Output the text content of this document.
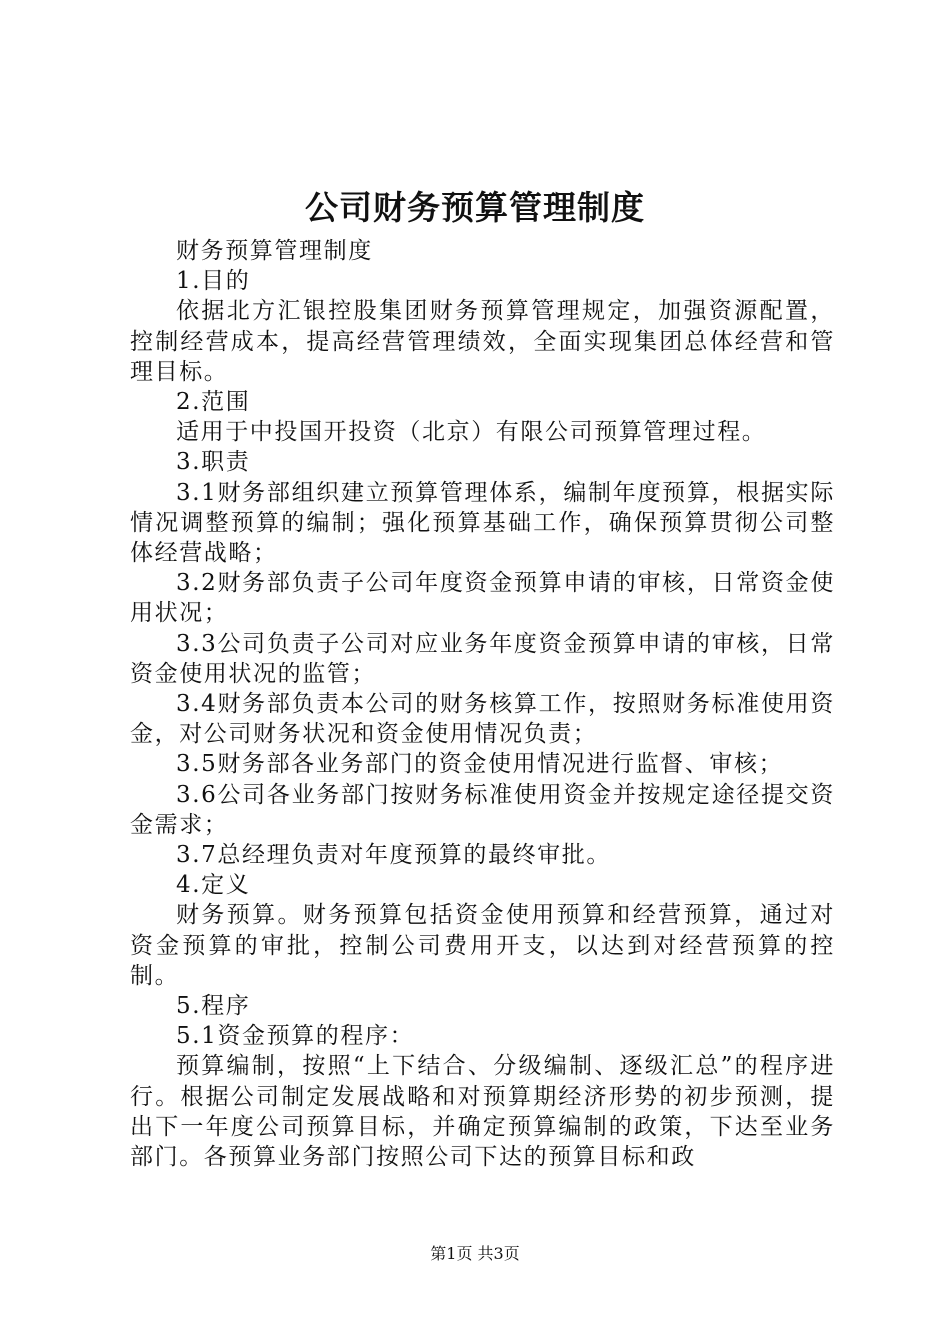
公司财务预算管理制度

财务预算管理制度

1.目的

依据北方汇银控股集团财务预算管理规定，加强资源配置，控制经营成本，提高经营管理绩效，全面实现集团总体经营和管理目标。

2.范围

适用于中投国开投资（北京）有限公司预算管理过程。

3.职责

3.1财务部组织建立预算管理体系，编制年度预算，根据实际情况调整预算的编制；强化预算基础工作，确保预算贯彻公司整体经营战略；

3.2财务部负责子公司年度资金预算申请的审核，日常资金使用状况；

3.3公司负责子公司对应业务年度资金预算申请的审核，日常资金使用状况的监管；

3.4财务部负责本公司的财务核算工作，按照财务标准使用资金，对公司财务状况和资金使用情况负责；

3.5财务部各业务部门的资金使用情况进行监督、审核；

3.6公司各业务部门按财务标准使用资金并按规定途径提交资金需求；

3.7总经理负责对年度预算的最终审批。

4.定义

财务预算。财务预算包括资金使用预算和经营预算，通过对资金预算的审批，控制公司费用开支，以达到对经营预算的控制。

5.程序

5.1资金预算的程序：

预算编制，按照“上下结合、分级编制、逐级汇总”的程序进行。根据公司制定发展战略和对预算期经济形势的初步预测，提出下一年度公司预算目标，并确定预算编制的政策，下达至业务部门。各预算业务部门按照公司下达的预算目标和政

第1页 共3页
